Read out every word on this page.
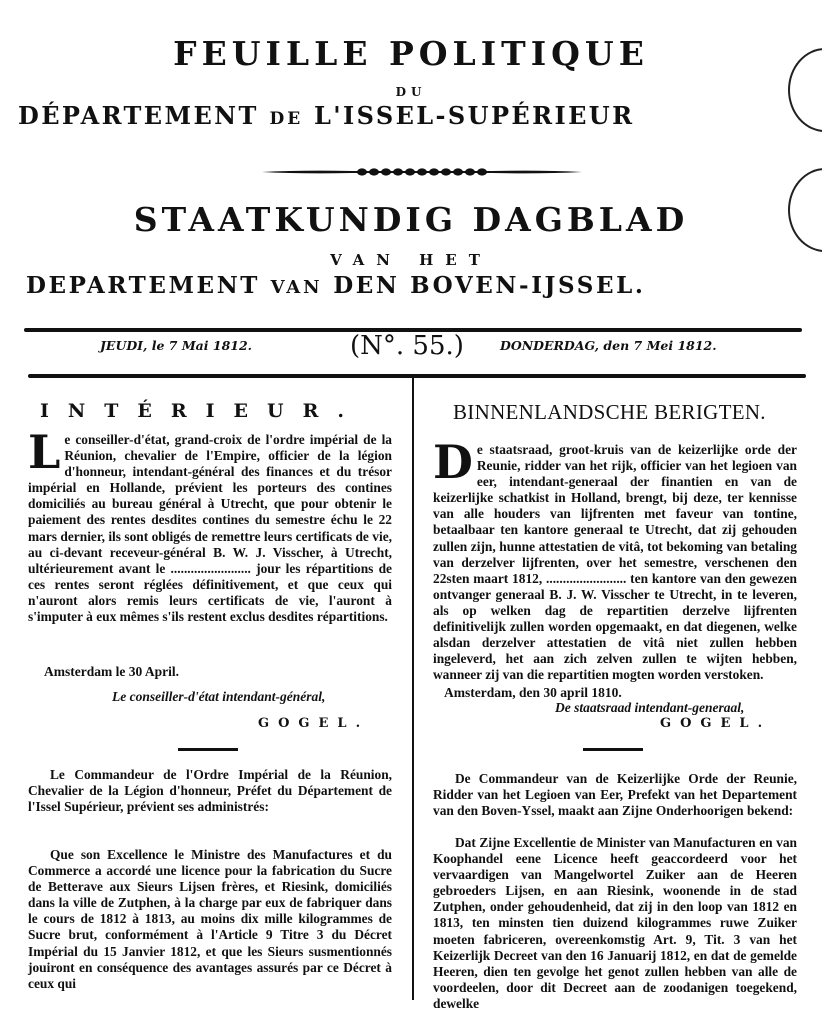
FEUILLE POLITIQUE
DU
DÉPARTEMENT DE L'ISSEL-SUPÉRIEUR
STAATKUNDIG DAGBLAD
VAN HET
DEPARTEMENT VAN DEN BOVEN-IJSSEL.
JEUDI, le 7 Mai 1812.	(N°. 55.)	DONDERDAG, den 7 Mei 1812.
INTÉRIEUR.

Le conseiller-d'état, grand-croix de l'ordre impérial de la Réunion, chevalier de l'Empire, officier de la légion d'honneur, intendant-général des finances et du trésor impérial en Hollande, prévient les porteurs des contines domiciliés au bureau général à Utrecht, que pour obtenir le paiement des rentes desdites contines du semestre échu le 22 mars dernier, ils sont obligés de remettre leurs certificats de vie, au ci-devant receveur-général B. W. J. Visscher, à Utrecht, ultérieurement avant le ........................ jour les répartitions de ces rentes seront réglées définitivement, et que ceux qui n'auront alors remis leurs certificats de vie, l'auront à s'imputer à eux mêmes s'ils restent exclus desdites répartitions.

Amsterdam le 30 April.
Le conseiller-d'état intendant-général,
GOGEL.

Le Commandeur de l'Ordre Impérial de la Réunion, Chevalier de la Légion d'honneur, Préfet du Département de l'Issel Supérieur, prévient ses administrés:

Que son Excellence le Ministre des Manufactures et du Commerce a accordé une licence pour la fabrication du Sucre de Betterave aux Sieurs Lijsen frères, et Riesink, domiciliés dans la ville de Zutphen, à la charge par eux de fabriquer dans le cours de 1812 à 1813, au moins dix mille kilogrammes de Sucre brut, conformément à l'Article 9 Titre 3 du Décret Impérial du 15 Janvier 1812, et que les Sieurs susmentionnés jouiront en conséquence des avantages assurés par ce Décret à ceux qui

BINNENLANDSCHE BERIGTEN.

De staatsraad, groot-kruis van de keizerlijke orde der Reunie, ridder van het rijk, officier van het legioen van eer, intendant-generaal der finantien en van de keizerlijke schatkist in Holland, brengt, bij deze, ter kennisse van alle houders van lijfrenten met faveur van tontine, betaalbaar ten kantore generaal te Utrecht, dat zij gehouden zullen zijn, hunne attestatien de vitâ, tot bekoming van betaling van derzelver lijfrenten, over het semestre, verschenen den 22sten maart 1812, ........................ ten kantore van den gewezen ontvanger generaal B. J. W. Visscher te Utrecht, in te leveren, als op welken dag de repartitien derzelve lijfrenten definitivelijk zullen worden opgemaakt, en dat diegenen, welke alsdan derzelver attestatien de vitâ niet zullen hebben ingeleverd, het aan zich zelven zullen te wijten hebben, wanneer zij van die repartitien mogten worden verstoken.

Amsterdam, den 30 april 1810.
De staatsraad intendant-generaal,
GOGEL.

De Commandeur van de Keizerlijke Orde der Reunie, Ridder van het Legioen van Eer, Prefekt van het Departement van den Boven-Yssel, maakt aan Zijne Onderhoorigen bekend:

Dat Zijne Excellentie de Minister van Manufacturen en van Koophandel eene Licence heeft geaccordeerd voor het vervaardigen van Mangelwortel Zuiker aan de Heeren gebroeders Lijsen, en aan Riesink, woonende in de stad Zutphen, onder gehoudenheid, dat zij in den loop van 1812 en 1813, ten minsten tien duizend kilogrammes ruwe Zuiker moeten fabriceren, overeenkomstig Art. 9, Tit. 3 van het Keizerlijk Decreet van den 16 Januarij 1812, en dat de gemelde Heeren, dien ten gevolge het genot zullen hebben van alle de voordeelen, door dit Decreet aan de zoodanigen toegekend, dewelke
